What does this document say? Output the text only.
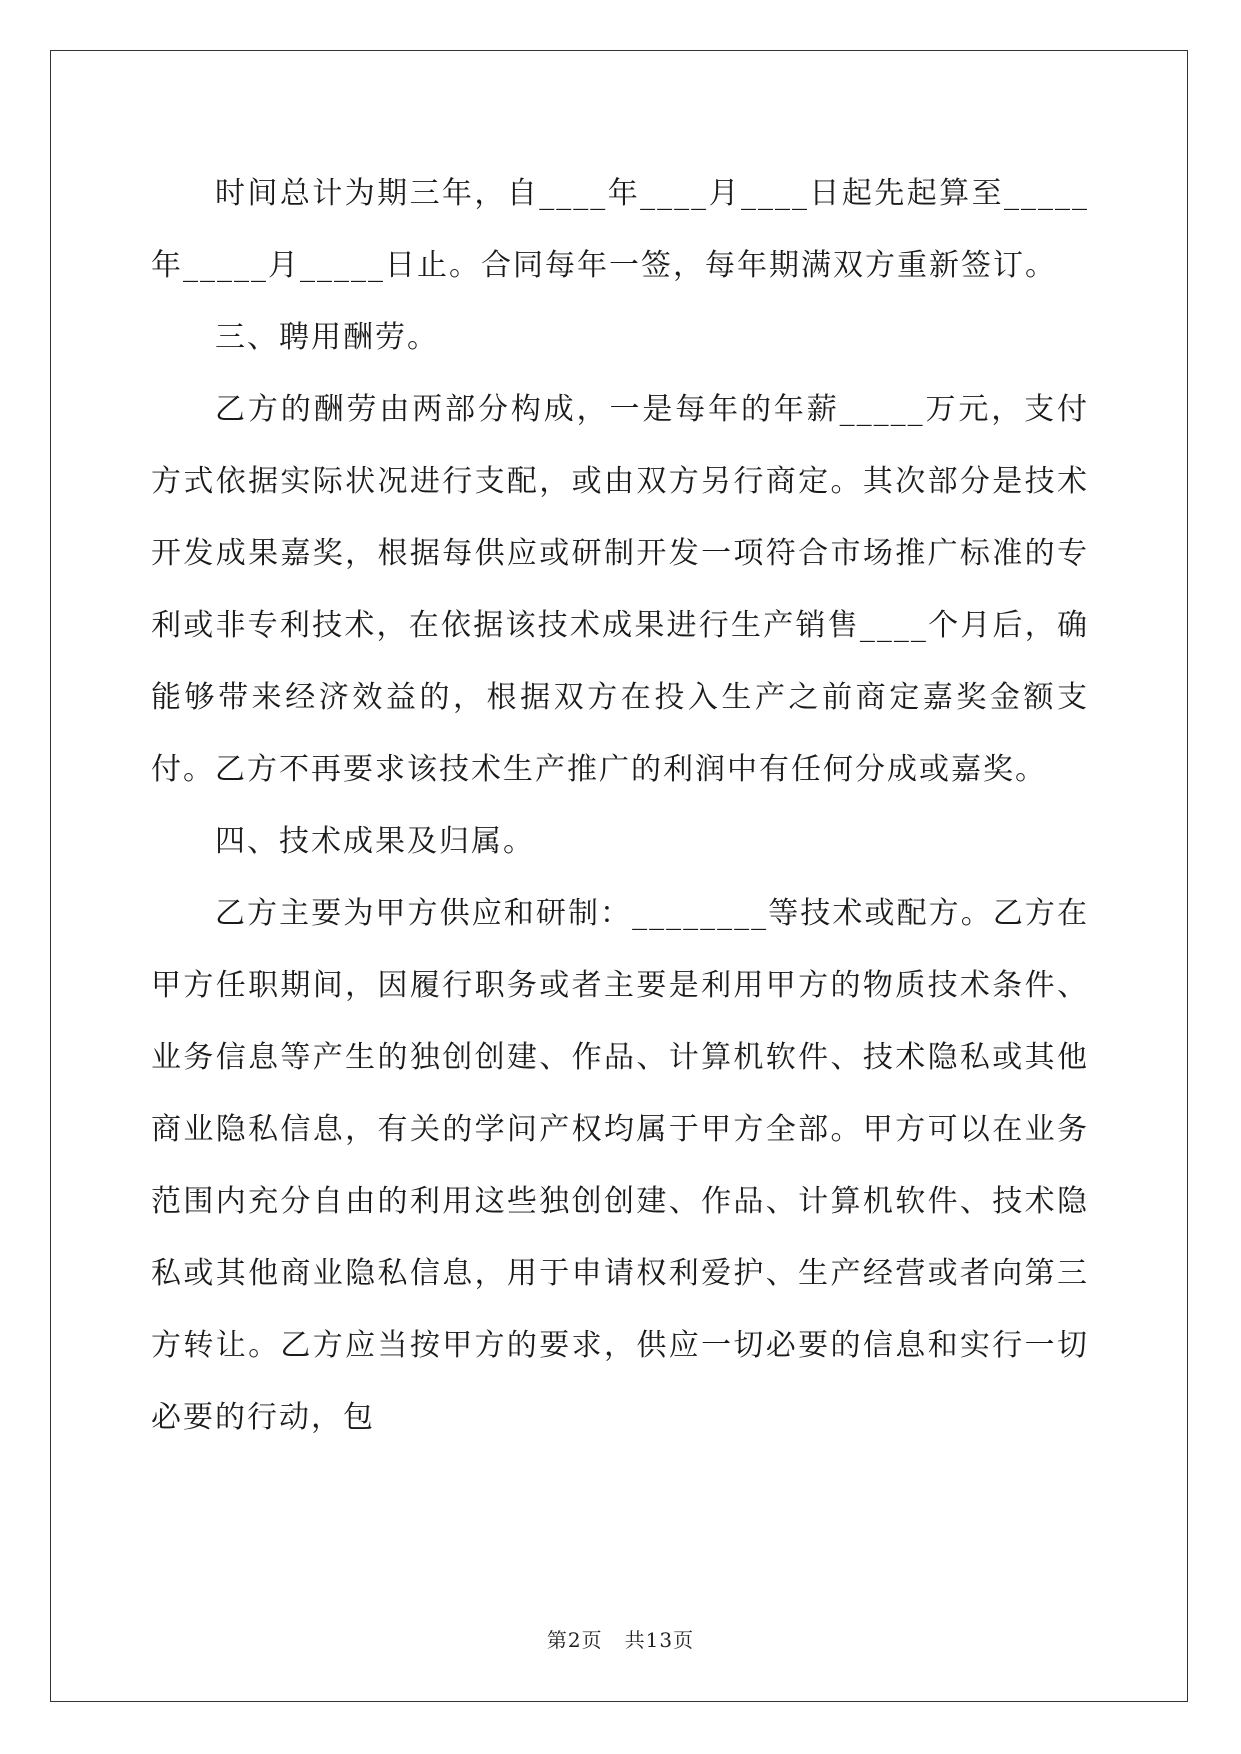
时间总计为期三年，自____年____月____日起先起算至_____年_____月_____日止。合同每年一签，每年期满双方重新签订。

三、聘用酬劳。

乙方的酬劳由两部分构成，一是每年的年薪_____万元，支付方式依据实际状况进行支配，或由双方另行商定。其次部分是技术开发成果嘉奖，根据每供应或研制开发一项符合市场推广标准的专利或非专利技术，在依据该技术成果进行生产销售____个月后，确能够带来经济效益的，根据双方在投入生产之前商定嘉奖金额支付。乙方不再要求该技术生产推广的利润中有任何分成或嘉奖。

四、技术成果及归属。

乙方主要为甲方供应和研制：________等技术或配方。乙方在甲方任职期间，因履行职务或者主要是利用甲方的物质技术条件、业务信息等产生的独创创建、作品、计算机软件、技术隐私或其他商业隐私信息，有关的学问产权均属于甲方全部。甲方可以在业务范围内充分自由的利用这些独创创建、作品、计算机软件、技术隐私或其他商业隐私信息，用于申请权利爱护、生产经营或者向第三方转让。乙方应当按甲方的要求，供应一切必要的信息和实行一切必要的行动，包

第2页 共13页
